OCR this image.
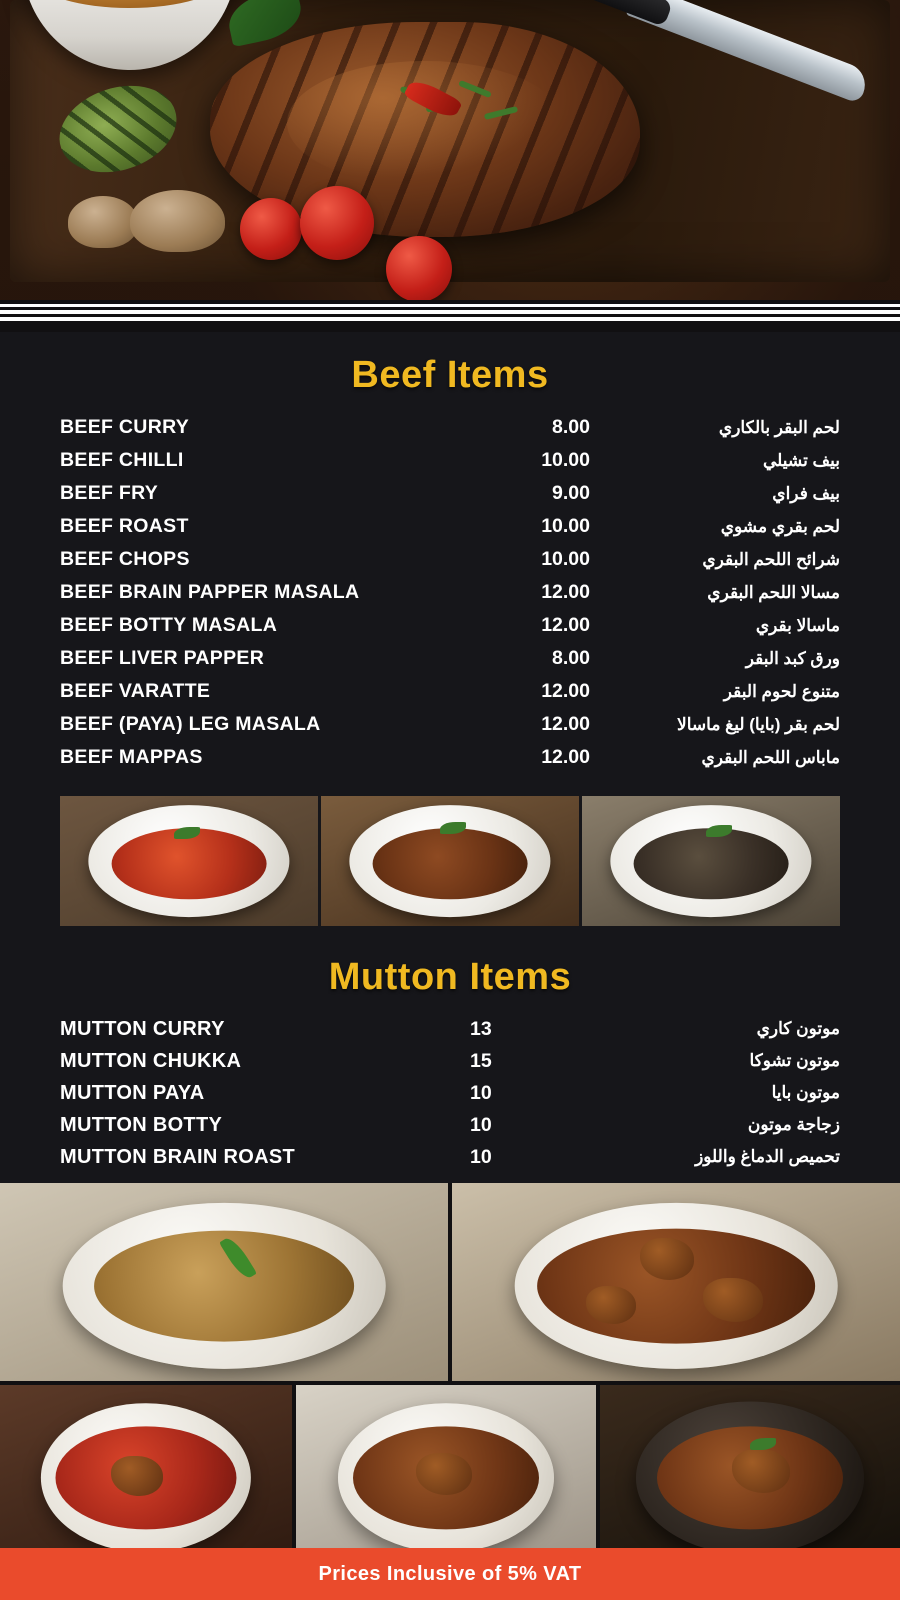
Beef Items
BEEF CURRY	8.00	لحم البقر بالكاري
BEEF CHILLI	10.00	بيف تشيلي
BEEF FRY	9.00	بيف فراي
BEEF ROAST	10.00	لحم بقري مشوي
BEEF CHOPS	10.00	شرائح اللحم البقري
BEEF BRAIN PAPPER MASALA	12.00	مسالا اللحم البقري
BEEF BOTTY MASALA	12.00	ماسالا بقري
BEEF LIVER PAPPER	8.00	ورق كبد البقر
BEEF VARATTE	12.00	متنوع لحوم البقر
BEEF (PAYA) LEG MASALA	12.00	لحم بقر (بايا) ليغ ماسالا
BEEF MAPPAS	12.00	ماباس اللحم البقري
Mutton Items
MUTTON CURRY	13	موتون كاري
MUTTON CHUKKA	15	موتون تشوكا
MUTTON PAYA	10	موتون بايا
MUTTON BOTTY	10	زجاجة موتون
MUTTON BRAIN ROAST	10	تحميص الدماغ واللوز
Prices Inclusive of 5% VAT
